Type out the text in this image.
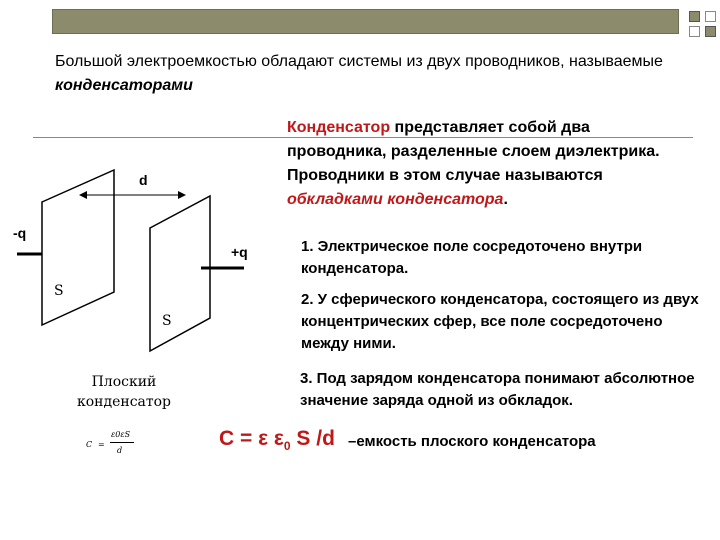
Большой электроемкостью обладают системы из двух проводников, называемые конденсаторами
Конденсатор представляет собой два проводника, разделенные слоем диэлектрика. Проводники в этом случае называются обкладками конденсатора.
1. Электрическое поле сосредоточено внутри конденсатора.
2. У сферического конденсатора, состоящего из двух концентрических сфер, все поле сосредоточено между ними.
3. Под зарядом конденсатора понимают абсолютное значение заряда одной из обкладок.
d
-q
+q
S
S
Плоский конденсатор
C =
ε0εS
d
C = ε $\varepsilon_0$ S /d –емкость плоского конденсатора
